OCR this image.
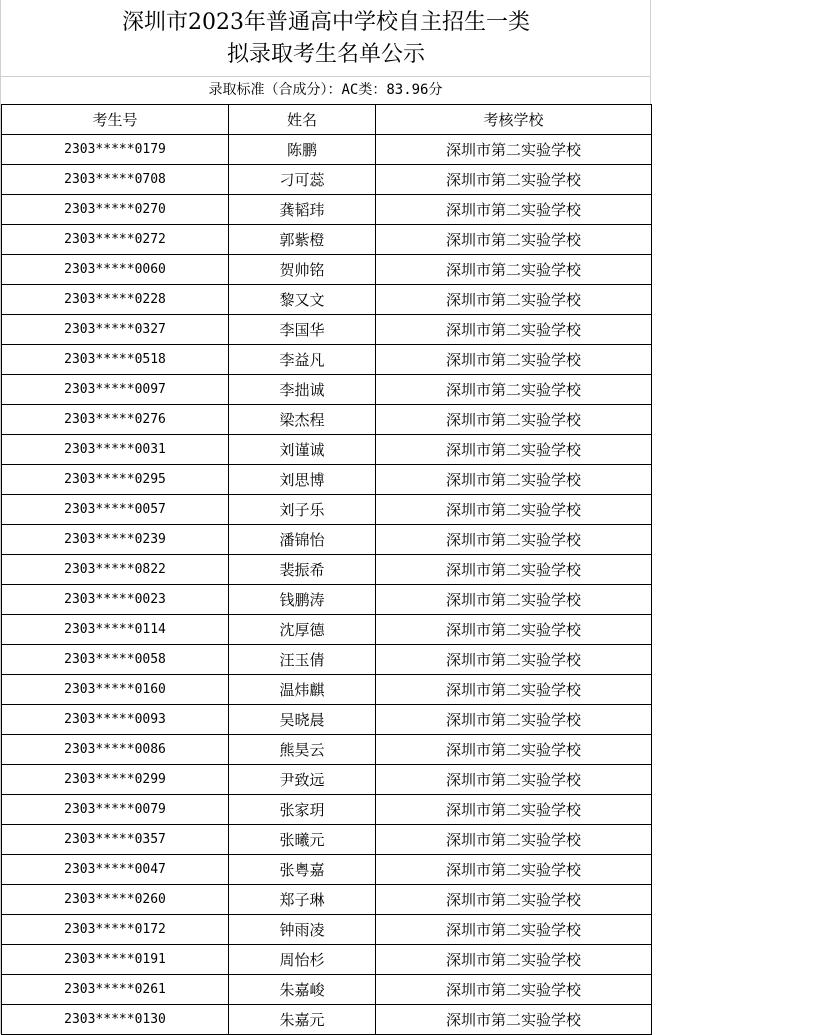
深圳市2023年普通高中学校自主招生一类
拟录取考生名单公示
录取标准（合成分）：AC类：83.96分
考生号	姓名	考核学校
2303*****0179	陈鹏	深圳市第二实验学校
2303*****0708	刁可蕊	深圳市第二实验学校
2303*****0270	龚韬玮	深圳市第二实验学校
2303*****0272	郭紫橙	深圳市第二实验学校
2303*****0060	贺帅铭	深圳市第二实验学校
2303*****0228	黎又文	深圳市第二实验学校
2303*****0327	李国华	深圳市第二实验学校
2303*****0518	李益凡	深圳市第二实验学校
2303*****0097	李拙诚	深圳市第二实验学校
2303*****0276	梁杰程	深圳市第二实验学校
2303*****0031	刘谨诚	深圳市第二实验学校
2303*****0295	刘思博	深圳市第二实验学校
2303*****0057	刘子乐	深圳市第二实验学校
2303*****0239	潘锦怡	深圳市第二实验学校
2303*****0822	裴振希	深圳市第二实验学校
2303*****0023	钱鹏涛	深圳市第二实验学校
2303*****0114	沈厚德	深圳市第二实验学校
2303*****0058	汪玉倩	深圳市第二实验学校
2303*****0160	温炜麒	深圳市第二实验学校
2303*****0093	吴晓晨	深圳市第二实验学校
2303*****0086	熊昊云	深圳市第二实验学校
2303*****0299	尹致远	深圳市第二实验学校
2303*****0079	张家玥	深圳市第二实验学校
2303*****0357	张曦元	深圳市第二实验学校
2303*****0047	张粤嘉	深圳市第二实验学校
2303*****0260	郑子琳	深圳市第二实验学校
2303*****0172	钟雨凌	深圳市第二实验学校
2303*****0191	周怡杉	深圳市第二实验学校
2303*****0261	朱嘉峻	深圳市第二实验学校
2303*****0130	朱嘉元	深圳市第二实验学校
